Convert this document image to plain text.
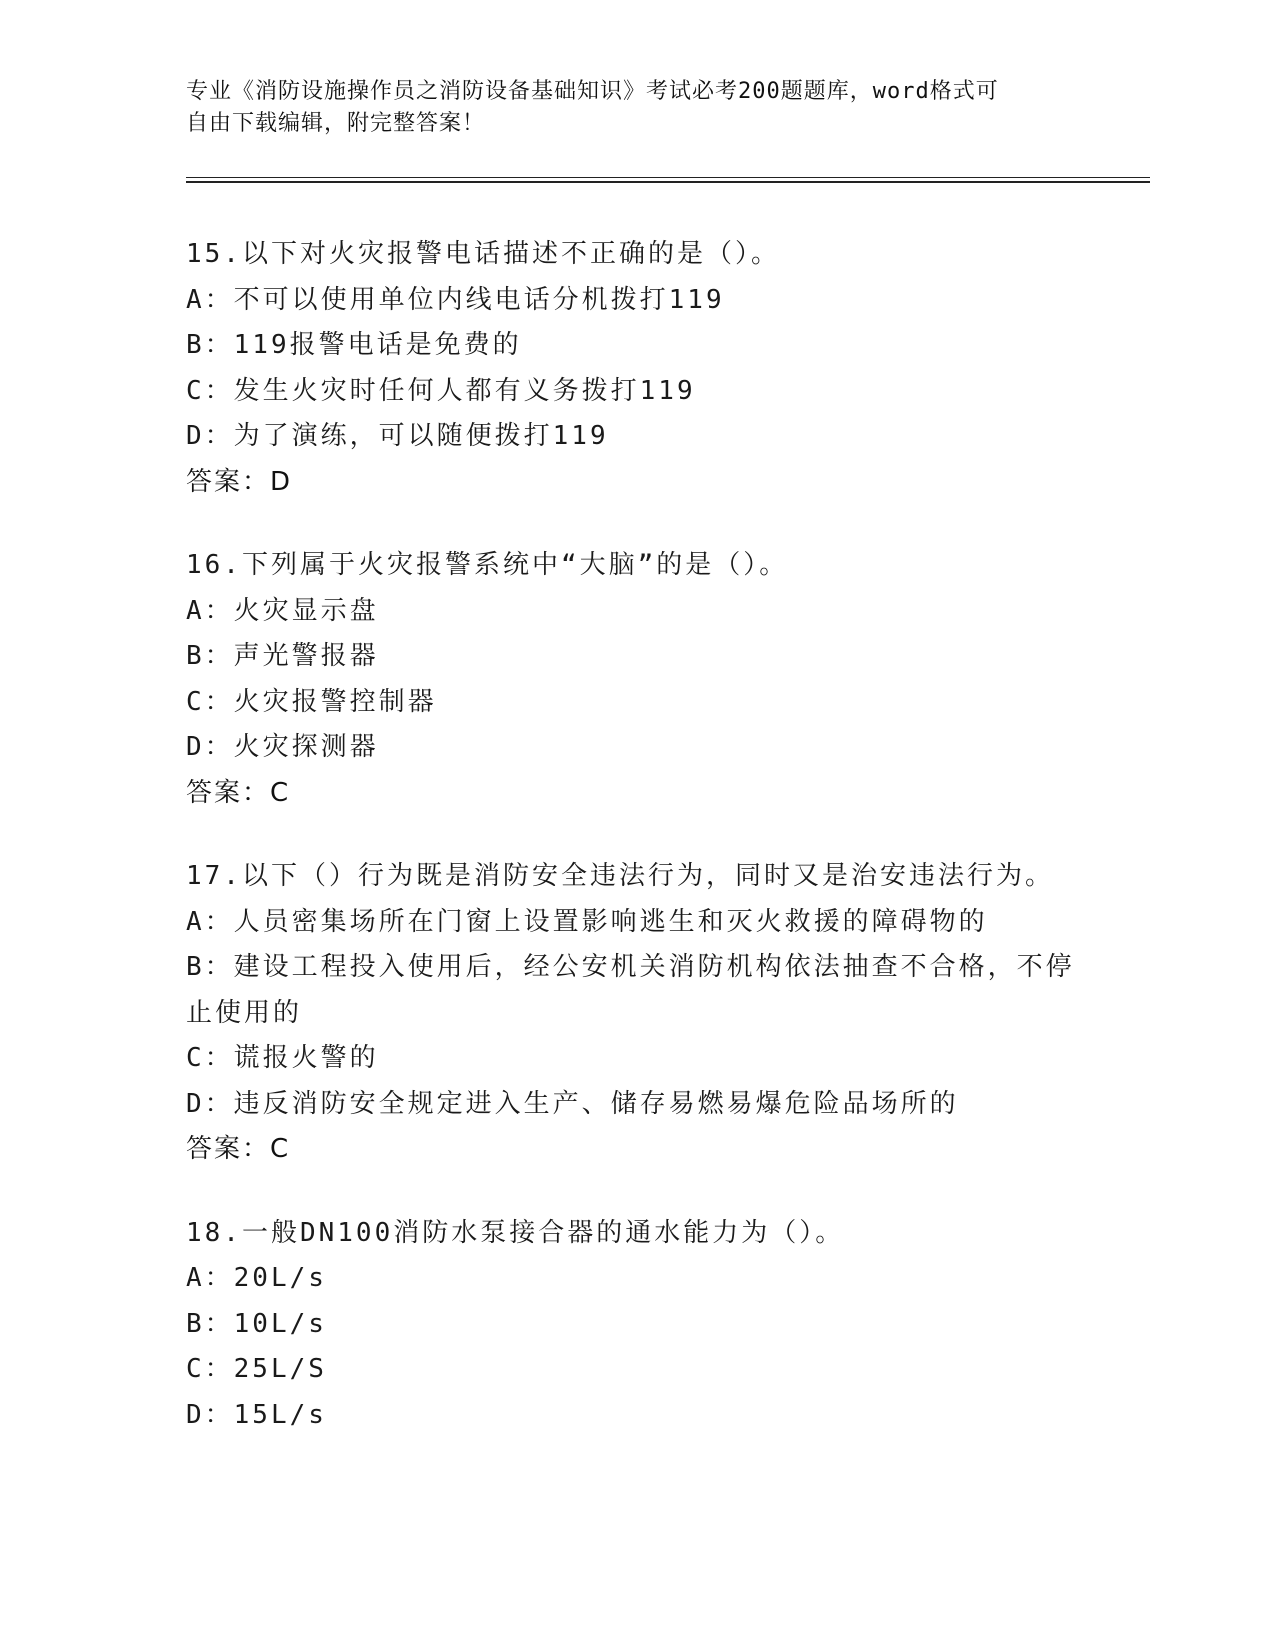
专业《消防设施操作员之消防设备基础知识》考试必考200题题库，word格式可
自由下载编辑，附完整答案！
15.以下对火灾报警电话描述不正确的是（）。
A：不可以使用单位内线电话分机拨打119
B：119报警电话是免费的
C：发生火灾时任何人都有义务拨打119
D：为了演练，可以随便拨打119
答案：D
16.下列属于火灾报警系统中“大脑”的是（）。
A：火灾显示盘
B：声光警报器
C：火灾报警控制器
D：火灾探测器
答案：C
17.以下（）行为既是消防安全违法行为，同时又是治安违法行为。
A：人员密集场所在门窗上设置影响逃生和灭火救援的障碍物的
B：建设工程投入使用后，经公安机关消防机构依法抽查不合格，不停止使用的
C：谎报火警的
D：违反消防安全规定进入生产、储存易燃易爆危险品场所的
答案：C
18.一般DN100消防水泵接合器的通水能力为（）。
A：20L/s
B：10L/s
C：25L/S
D：15L/s
